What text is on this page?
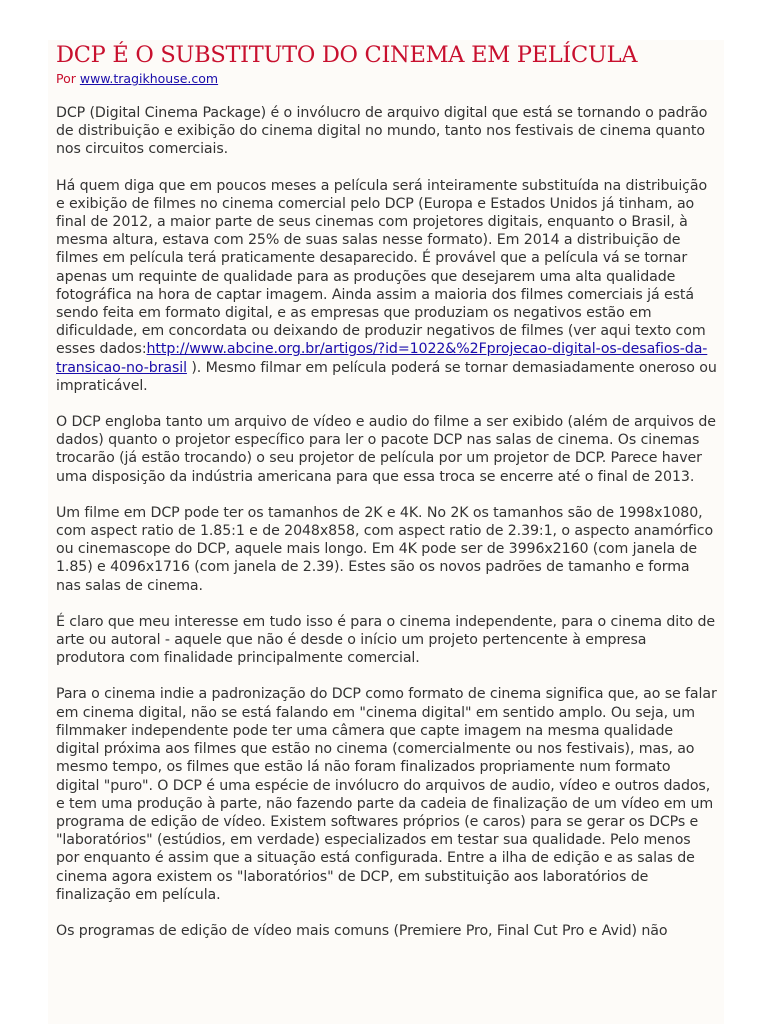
DCP É O SUBSTITUTO DO CINEMA EM PELÍCULA
Por www.tragikhouse.com

DCP (Digital Cinema Package) é o invólucro de arquivo digital que está se tornando o padrão de distribuição e exibição do cinema digital no mundo, tanto nos festivais de cinema quanto nos circuitos comerciais.

Há quem diga que em poucos meses a película será inteiramente substituída na distribuição e exibição de filmes no cinema comercial pelo DCP (Europa e Estados Unidos já tinham, ao final de 2012, a maior parte de seus cinemas com projetores digitais, enquanto o Brasil, à mesma altura, estava com 25% de suas salas nesse formato). Em 2014 a distribuição de filmes em película terá praticamente desaparecido. É provável que a película vá se tornar apenas um requinte de qualidade para as produções que desejarem uma alta qualidade fotográfica na hora de captar imagem. Ainda assim a maioria dos filmes comerciais já está sendo feita em formato digital, e as empresas que produziam os negativos estão em dificuldade, em concordata ou deixando de produzir negativos de filmes (ver aqui texto com esses dados:http://www.abcine.org.br/artigos/?id=1022&%2Fprojecao-digital-os-desafios-da-transicao-no-brasil ). Mesmo filmar em película poderá se tornar demasiadamente oneroso ou impraticável.

O DCP engloba tanto um arquivo de vídeo e audio do filme a ser exibido (além de arquivos de dados) quanto o projetor específico para ler o pacote DCP nas salas de cinema. Os cinemas trocarão (já estão trocando) o seu projetor de película por um projetor de DCP. Parece haver uma disposição da indústria americana para que essa troca se encerre até o final de 2013.

Um filme em DCP pode ter os tamanhos de 2K e 4K. No 2K os tamanhos são de 1998x1080, com aspect ratio de 1.85:1 e de 2048x858, com aspect ratio de 2.39:1, o aspecto anamórfico ou cinemascope do DCP, aquele mais longo. Em 4K pode ser de 3996x2160 (com janela de 1.85) e 4096x1716 (com janela de 2.39). Estes são os novos padrões de tamanho e forma nas salas de cinema.

É claro que meu interesse em tudo isso é para o cinema independente, para o cinema dito de arte ou autoral - aquele que não é desde o início um projeto pertencente à empresa produtora com finalidade principalmente comercial.

Para o cinema indie a padronização do DCP como formato de cinema significa que, ao se falar em cinema digital, não se está falando em "cinema digital" em sentido amplo. Ou seja, um filmmaker independente pode ter uma câmera que capte imagem na mesma qualidade digital próxima aos filmes que estão no cinema (comercialmente ou nos festivais), mas, ao mesmo tempo, os filmes que estão lá não foram finalizados propriamente num formato digital "puro". O DCP é uma espécie de invólucro do arquivos de audio, vídeo e outros dados, e tem uma produção à parte, não fazendo parte da cadeia de finalização de um vídeo em um programa de edição de vídeo. Existem softwares próprios (e caros) para se gerar os DCPs e "laboratórios" (estúdios, em verdade) especializados em testar sua qualidade. Pelo menos por enquanto é assim que a situação está configurada. Entre a ilha de edição e as salas de cinema agora existem os "laboratórios" de DCP, em substituição aos laboratórios de finalização em película.

Os programas de edição de vídeo mais comuns (Premiere Pro, Final Cut Pro e Avid) não
